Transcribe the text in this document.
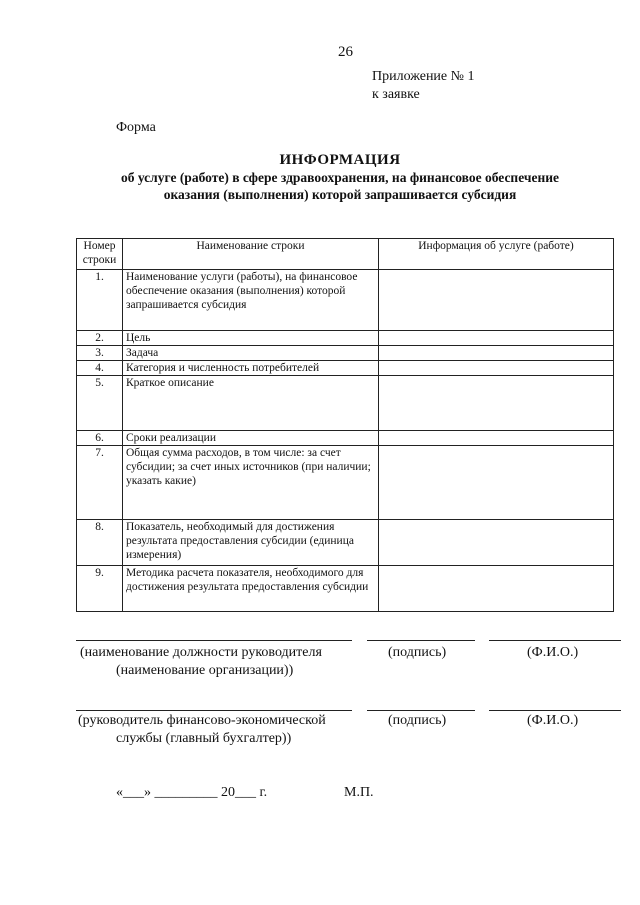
26
Приложение № 1
к заявке
Форма
ИНФОРМАЦИЯ
об услуге (работе) в сфере здравоохранения, на финансовое обеспечение
оказания (выполнения) которой запрашивается субсидия
Номер строки	Наименование строки	Информация об услуге (работе)
1.	Наименование услуги (работы), на финансовое обеспечение оказания (выполнения) которой запрашивается субсидия	
2.	Цель	
3.	Задача	
4.	Категория и численность потребителей	
5.	Краткое описание	
6.	Сроки реализации	
7.	Общая сумма расходов, в том числе: за счет субсидии; за счет иных источников (при наличии; указать какие)	
8.	Показатель, необходимый для достижения результата предоставления субсидии (единица измерения)	
9.	Методика расчета показателя, необходимого для достижения результата предоставления субсидии	
(наименование должности руководителя
(наименование организации))
(подпись)	(Ф.И.О.)
(руководитель финансово-экономической
службы (главный бухгалтер))
(подпись)	(Ф.И.О.)
«___» _________ 20___ г.	М.П.
